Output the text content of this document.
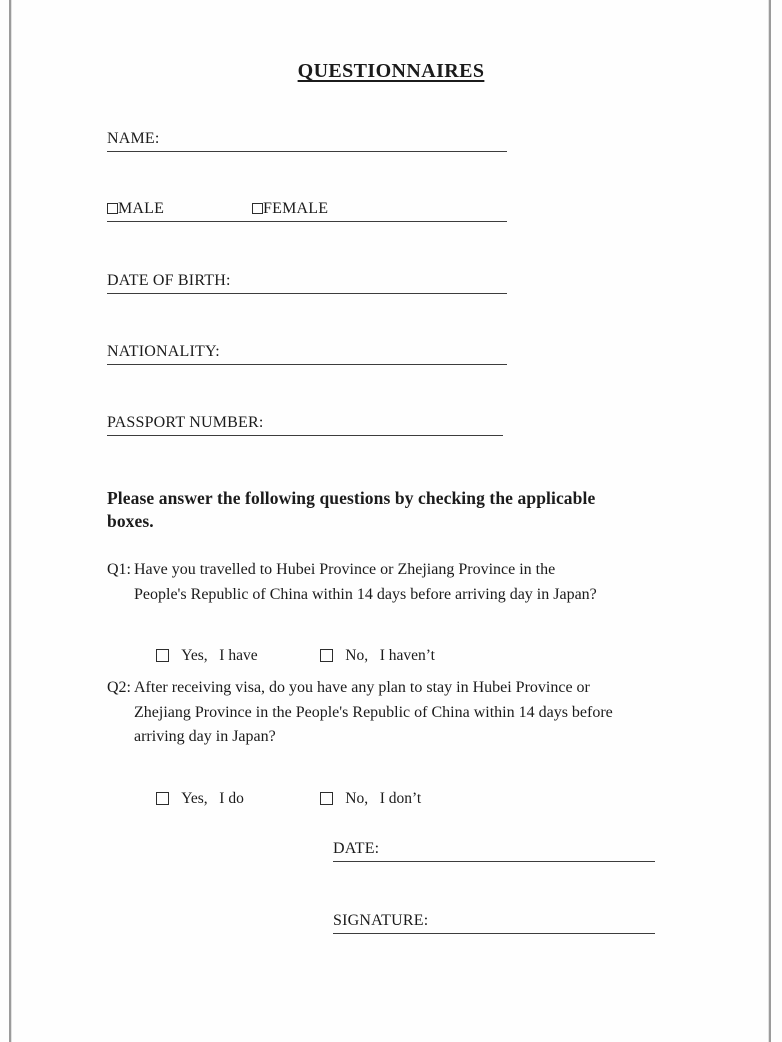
QUESTIONNAIRES
NAME:
MALE	FEMALE
DATE OF BIRTH:
NATIONALITY:
PASSPORT NUMBER:
Please answer the following questions by checking the applicable
boxes.
Q1: Have you travelled to Hubei Province or Zhejiang Province in the
People's Republic of China within 14 days before arriving day in Japan?

Yes,   I have
	No,   I haven’t

Q2: After receiving visa, do you have any plan to stay in Hubei Province or
Zhejiang Province in the People's Republic of China within 14 days before
arriving day in Japan?

Yes,   I do
	No,   I don’t

DATE:
SIGNATURE:
